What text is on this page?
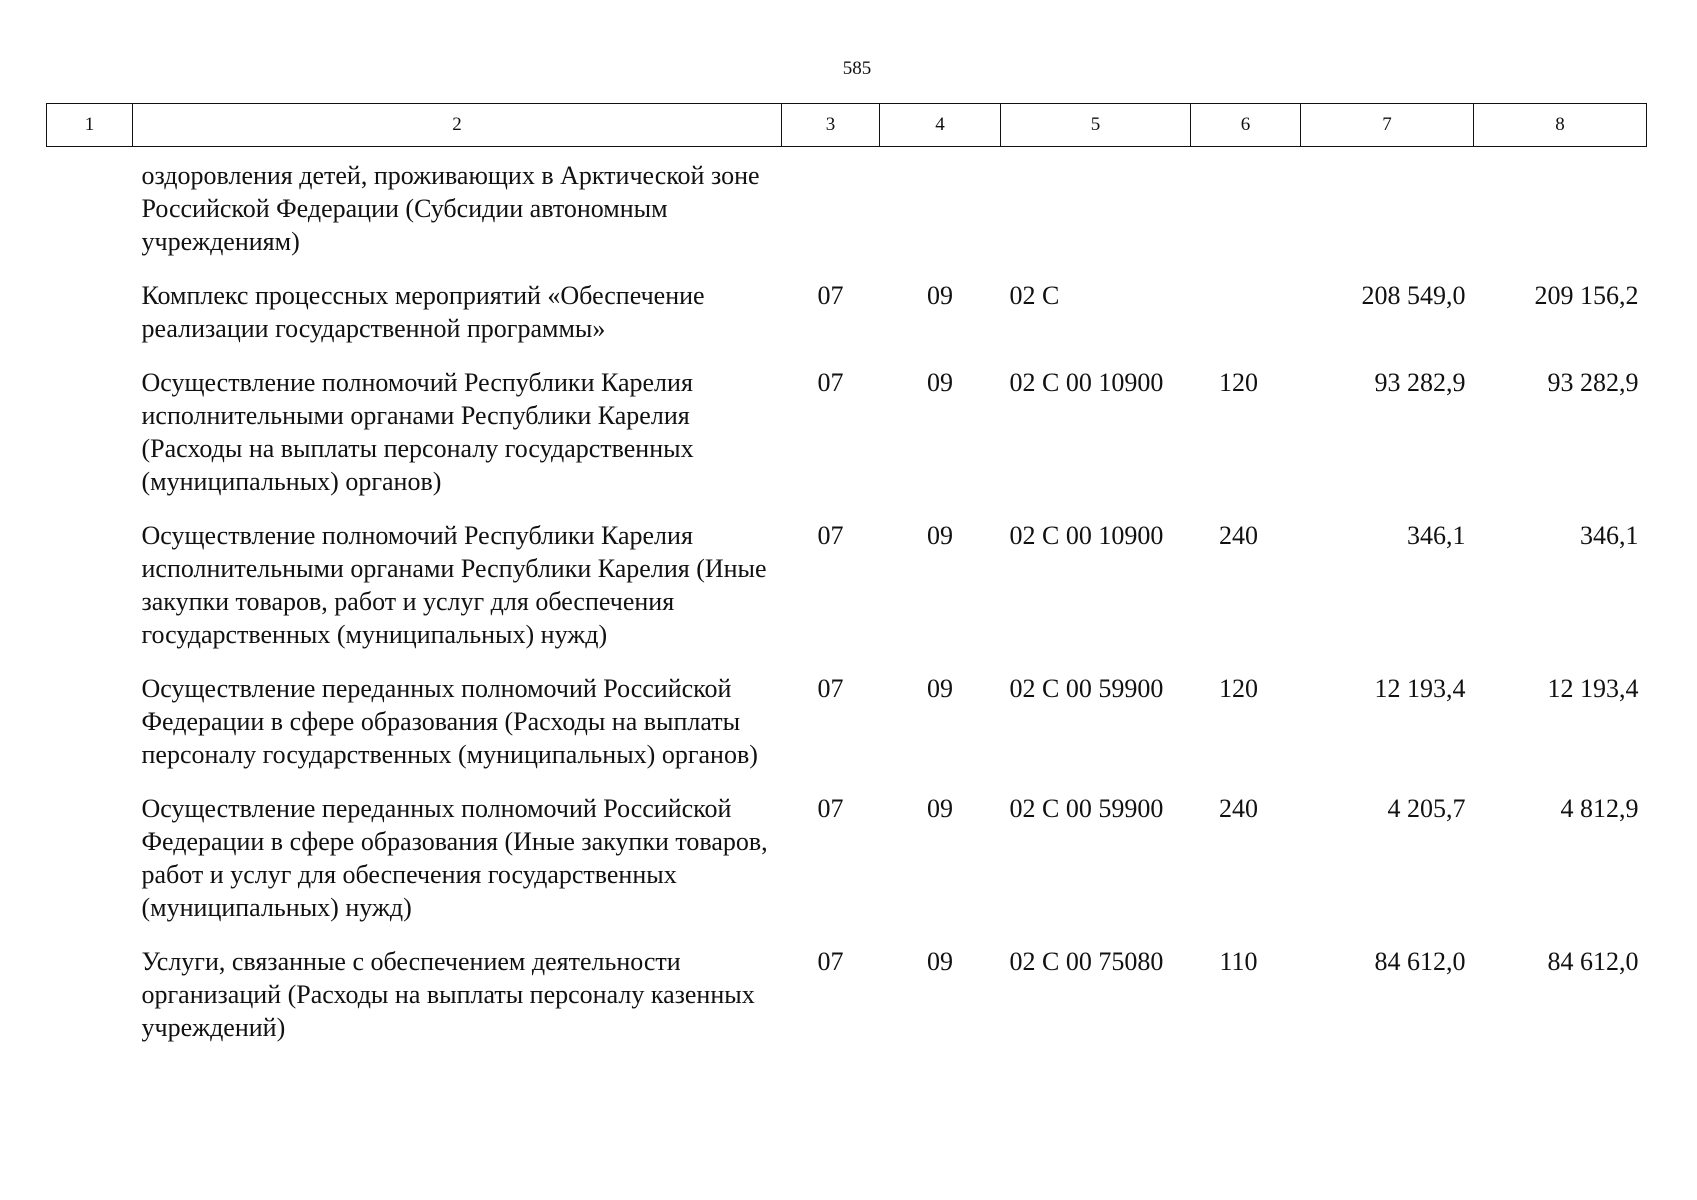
585
1	2	3	4	5	6	7	8
	оздоровления детей, проживающих в Арктической зоне Российской Федерации (Субсидии автономным учреждениям)						
	Комплекс процессных мероприятий «Обеспечение реализации государственной программы»	07	09	02 С		208 549,0	209 156,2
	Осуществление полномочий Республики Карелия исполнительными органами Республики Карелия (Расходы на выплаты персоналу государственных (муниципальных) органов)	07	09	02 С 00 10900	120	93 282,9	93 282,9
	Осуществление полномочий Республики Карелия исполнительными органами Республики Карелия (Иные закупки товаров, работ и услуг для обеспечения государственных (муниципальных) нужд)	07	09	02 С 00 10900	240	346,1	346,1
	Осуществление переданных полномочий Российской Федерации в сфере образования (Расходы на выплаты персоналу государственных (муниципальных) органов)	07	09	02 С 00 59900	120	12 193,4	12 193,4
	Осуществление переданных полномочий Российской Федерации в сфере образования (Иные закупки товаров, работ и услуг для обеспечения государственных (муниципальных) нужд)	07	09	02 С 00 59900	240	4 205,7	4 812,9
	Услуги, связанные с обеспечением деятельности организаций (Расходы на выплаты персоналу казенных учреждений)	07	09	02 С 00 75080	110	84 612,0	84 612,0
